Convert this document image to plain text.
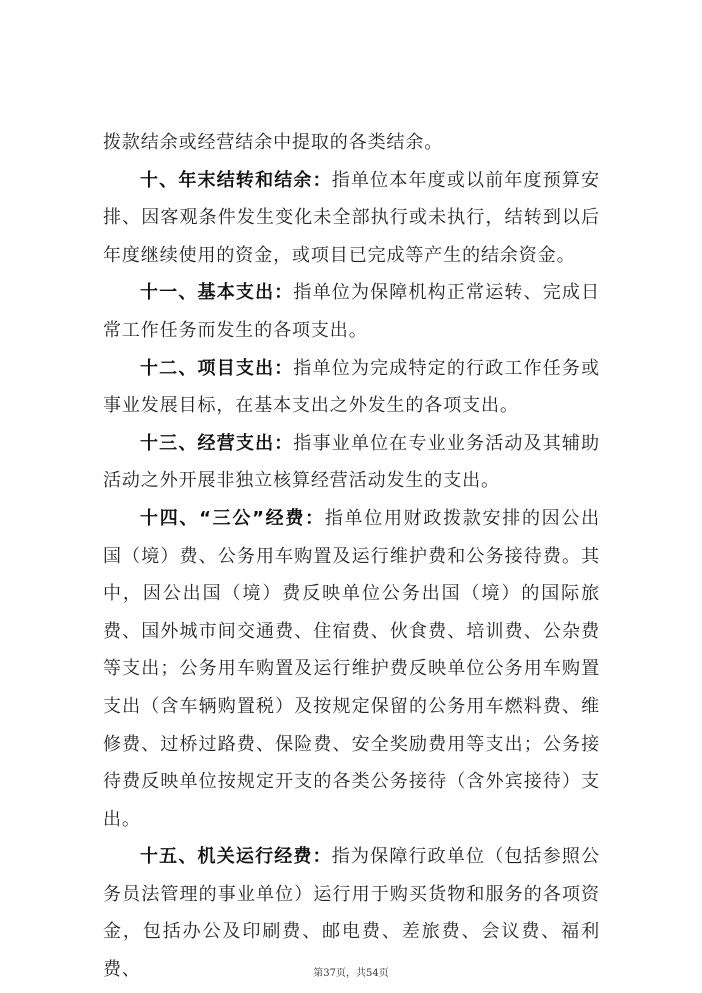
拨款结余或经营结余中提取的各类结余。

十、年末结转和结余：指单位本年度或以前年度预算安排、因客观条件发生变化未全部执行或未执行，结转到以后年度继续使用的资金，或项目已完成等产生的结余资金。

十一、基本支出：指单位为保障机构正常运转、完成日常工作任务而发生的各项支出。

十二、项目支出：指单位为完成特定的行政工作任务或事业发展目标，在基本支出之外发生的各项支出。

十三、经营支出：指事业单位在专业业务活动及其辅助活动之外开展非独立核算经营活动发生的支出。

十四、“三公”经费：指单位用财政拨款安排的因公出国（境）费、公务用车购置及运行维护费和公务接待费。其中，因公出国（境）费反映单位公务出国（境）的国际旅费、国外城市间交通费、住宿费、伙食费、培训费、公杂费等支出；公务用车购置及运行维护费反映单位公务用车购置支出（含车辆购置税）及按规定保留的公务用车燃料费、维修费、过桥过路费、保险费、安全奖励费用等支出；公务接待费反映单位按规定开支的各类公务接待（含外宾接待）支出。

十五、机关运行经费：指为保障行政单位（包括参照公务员法管理的事业单位）运行用于购买货物和服务的各项资金，包括办公及印刷费、邮电费、差旅费、会议费、福利费、	第37页，共54页
